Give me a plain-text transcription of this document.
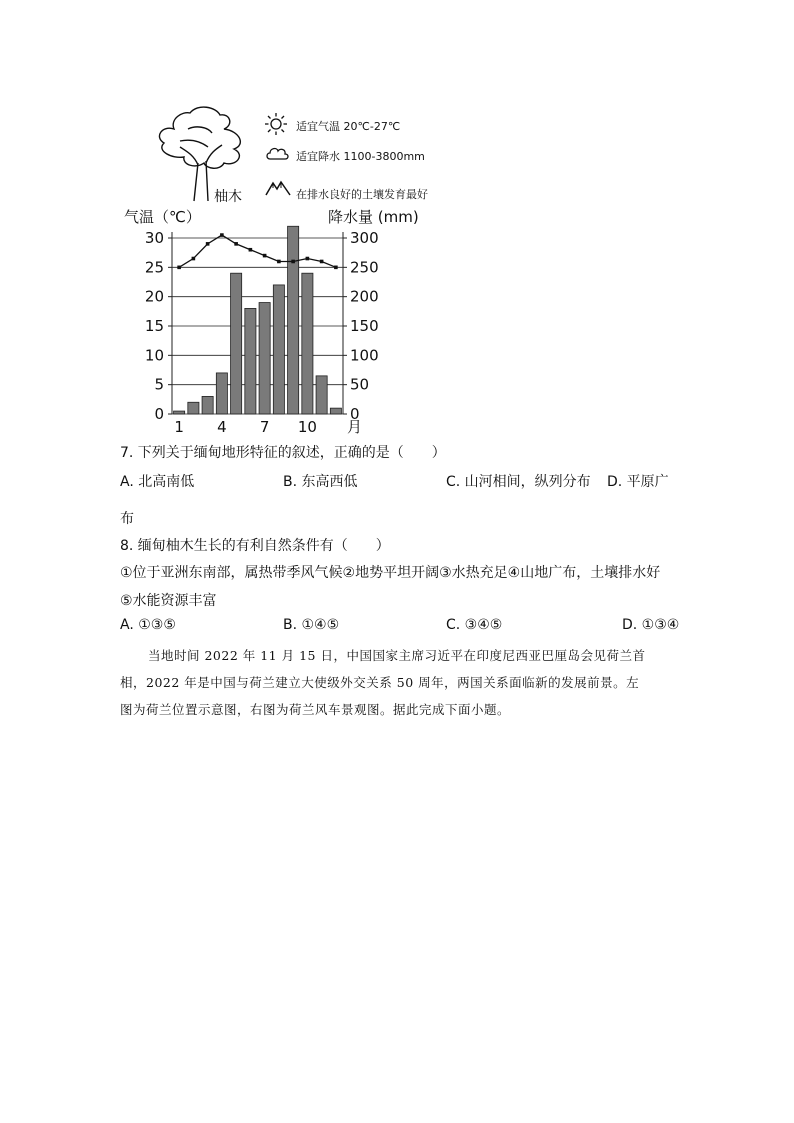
柚木
适宜气温 20℃-27℃
适宜降水 1100-3800mm
在排水良好的土壤发育最好
气温（℃）	降水量 (mm)
0
5
10
15
20
25
30
0
50
100
150
200
250
300
1 4 7 10 月
7. 下列关于缅甸地形特征的叙述，正确的是（　　）
A. 北高南低	B. 东高西低	C. 山河相间，纵列分布 D. 平原广
布
8. 缅甸柚木生长的有利自然条件有（　　）
①位于亚洲东南部，属热带季风气候②地势平坦开阔③水热充足④山地广布，土壤排水好
⑤水能资源丰富
A. ①③⑤	B. ①④⑤	C. ③④⑤	D. ①③④
当地时间 2022 年 11 月 15 日，中国国家主席习近平在印度尼西亚巴厘岛会见荷兰首
相，2022 年是中国与荷兰建立大使级外交关系 50 周年，两国关系面临新的发展前景。左
图为荷兰位置示意图，右图为荷兰风车景观图。据此完成下面小题。
